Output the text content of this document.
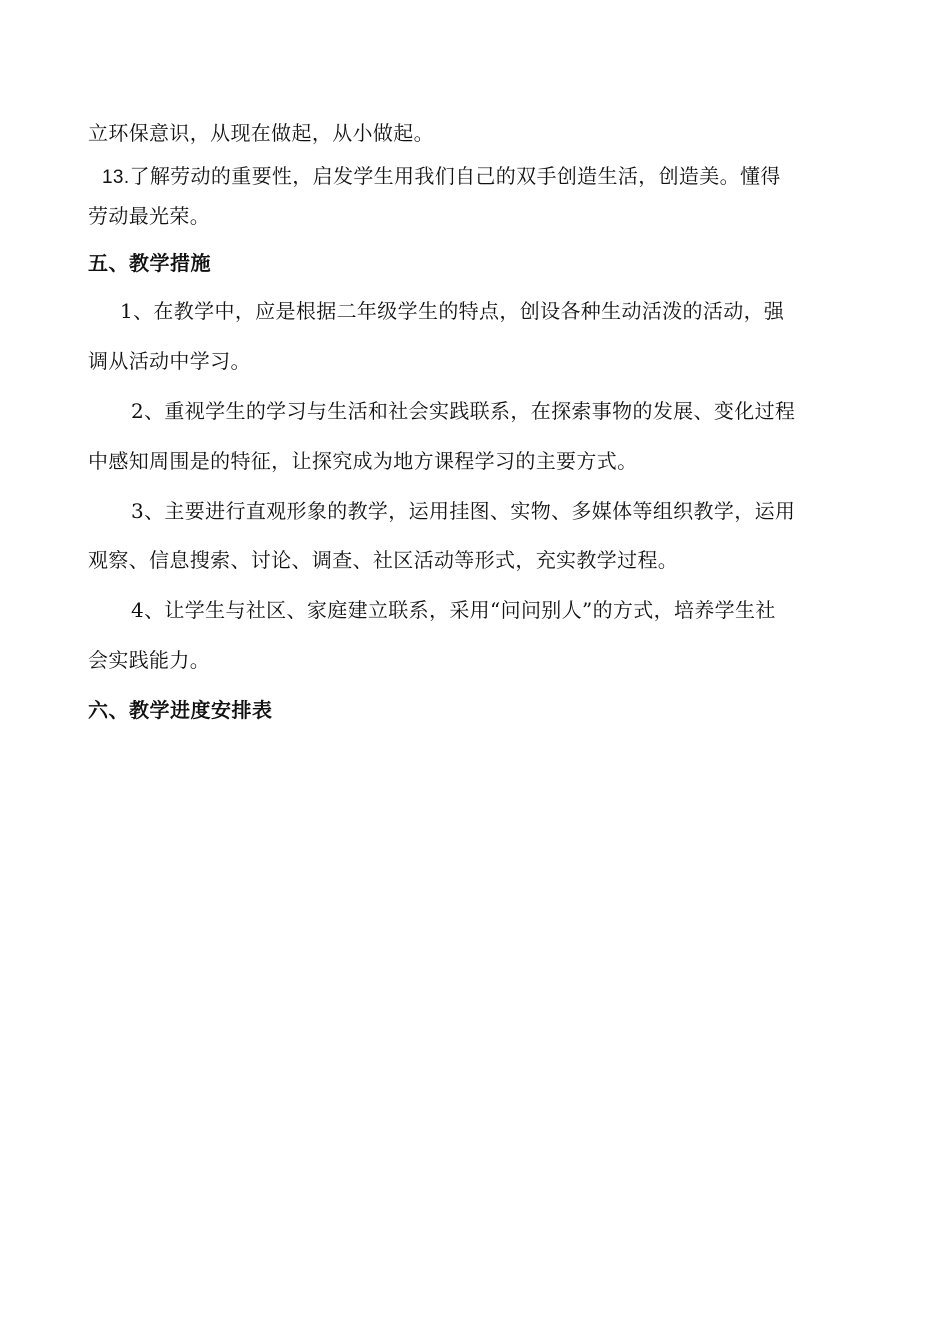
立环保意识，从现在做起，从小做起。
13.了解劳动的重要性，启发学生用我们自己的双手创造生活，创造美。懂得
劳动最光荣。
五、教学措施
1、在教学中，应是根据二年级学生的特点，创设各种生动活泼的活动，强
调从活动中学习。
2、重视学生的学习与生活和社会实践联系，在探索事物的发展、变化过程
中感知周围是的特征，让探究成为地方课程学习的主要方式。
3、主要进行直观形象的教学，运用挂图、实物、多媒体等组织教学，运用
观察、信息搜索、讨论、调查、社区活动等形式，充实教学过程。
4、让学生与社区、家庭建立联系，采用“问问别人”的方式，培养学生社
会实践能力。
六、教学进度安排表
